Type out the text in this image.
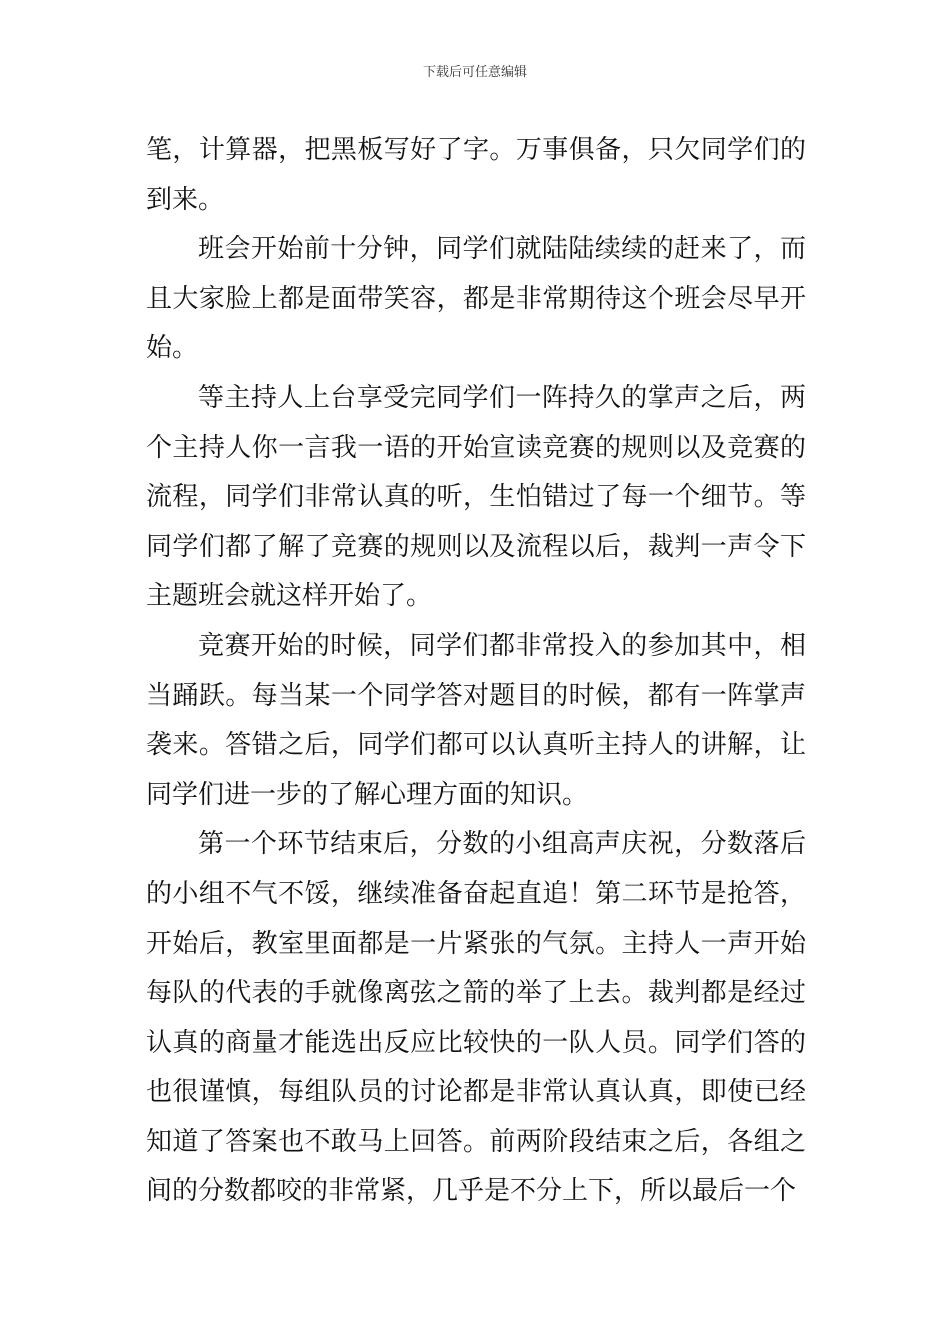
下载后可任意编辑

笔，计算器，把黑板写好了字。万事俱备，只欠同学们的到来。

班会开始前十分钟，同学们就陆陆续续的赶来了，而且大家脸上都是面带笑容，都是非常期待这个班会尽早开始。

等主持人上台享受完同学们一阵持久的掌声之后，两个主持人你一言我一语的开始宣读竞赛的规则以及竞赛的流程，同学们非常认真的听，生怕错过了每一个细节。等同学们都了解了竞赛的规则以及流程以后，裁判一声令下主题班会就这样开始了。

竞赛开始的时候，同学们都非常投入的参加其中，相当踊跃。每当某一个同学答对题目的时候，都有一阵掌声袭来。答错之后，同学们都可以认真听主持人的讲解，让同学们进一步的了解心理方面的知识。

第一个环节结束后，分数的小组高声庆祝，分数落后的小组不气不馁，继续准备奋起直追！第二环节是抢答，开始后，教室里面都是一片紧张的气氛。主持人一声开始每队的代表的手就像离弦之箭的举了上去。裁判都是经过认真的商量才能选出反应比较快的一队人员。同学们答的也很谨慎，每组队员的讨论都是非常认真认真，即使已经知道了答案也不敢马上回答。前两阶段结束之后，各组之间的分数都咬的非常紧，几乎是不分上下，所以最后一个
